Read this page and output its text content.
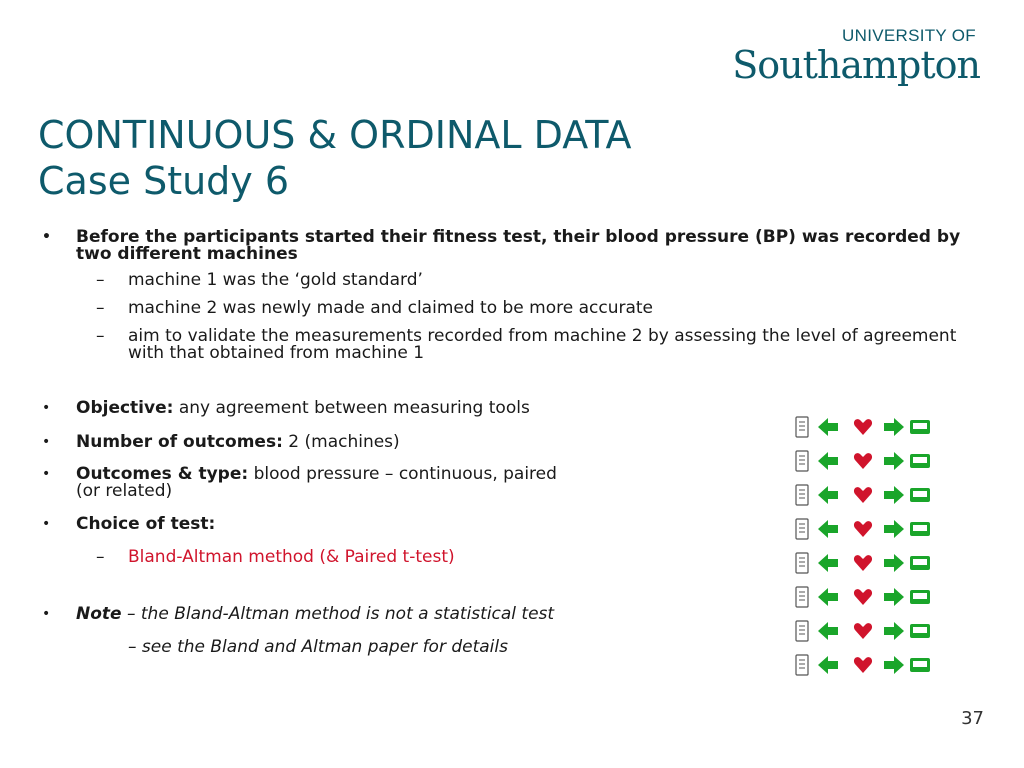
UNIVERSITY OF
Southampton
CONTINUOUS & ORDINAL DATA
Case Study 6
• Before the participants started their fitness test, their blood pressure (BP) was recorded by two different machines
– machine 1 was the ‘gold standard’
– machine 2 was newly made and claimed to be more accurate
– aim to validate the measurements recorded from machine 2 by assessing the level of agreement with that obtained from machine 1
• Objective: any agreement between measuring tools
• Number of outcomes: 2 (machines)
• Outcomes & type: blood pressure – continuous, paired
(or related)
• Choice of test:
– Bland-Altman method (& Paired t-test)
• Note – the Bland-Altman method is not a statistical test
– see the Bland and Altman paper for details
37
